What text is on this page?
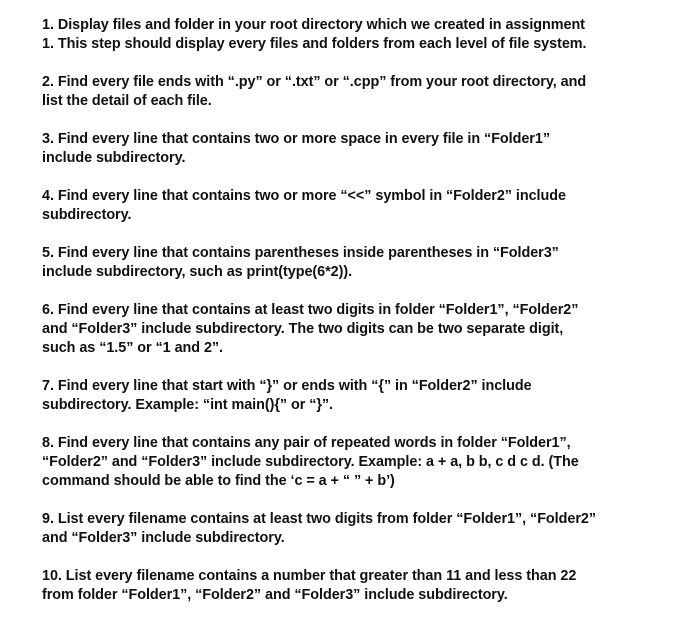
1. Display files and folder in your root directory which we created in assignment
1. This step should display every files and folders from each level of file system.
2. Find every file ends with “.py” or “.txt” or “.cpp” from your root directory, and
list the detail of each file.
3. Find every line that contains two or more space in every file in “Folder1”
include subdirectory.
4. Find every line that contains two or more “<<” symbol in “Folder2” include
subdirectory.
5. Find every line that contains parentheses inside parentheses in “Folder3”
include subdirectory, such as print(type(6*2)).
6. Find every line that contains at least two digits in folder “Folder1”, “Folder2”
and “Folder3” include subdirectory. The two digits can be two separate digit,
such as “1.5” or “1 and 2”.
7. Find every line that start with “}” or ends with “{” in “Folder2” include
subdirectory. Example: “int main(){” or “}”.
8. Find every line that contains any pair of repeated words in folder “Folder1”,
“Folder2” and “Folder3” include subdirectory. Example: a + a, b b, c d c d. (The
command should be able to find the ‘c = a + “ ” + b’)
9. List every filename contains at least two digits from folder “Folder1”, “Folder2”
and “Folder3” include subdirectory.
10. List every filename contains a number that greater than 11 and less than 22
from folder “Folder1”, “Folder2” and “Folder3” include subdirectory.
